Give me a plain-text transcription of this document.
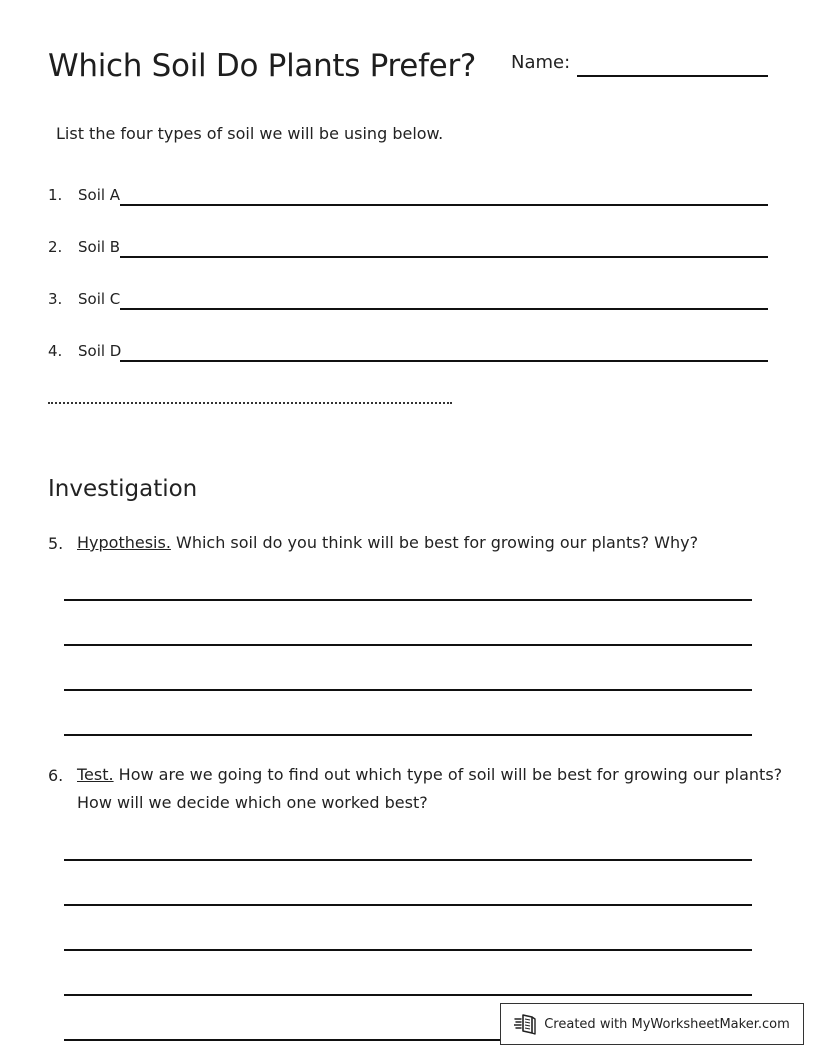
Which Soil Do Plants Prefer? Name:
List the four types of soil we will be using below.
1. Soil A
2. Soil B
3. Soil C
4. Soil D
Investigation
5. Hypothesis. Which soil do you think will be best for growing our plants? Why?
6. Test. How are we going to find out which type of soil will be best for growing our plants?
How will we decide which one worked best?
Created with MyWorksheetMaker.com
